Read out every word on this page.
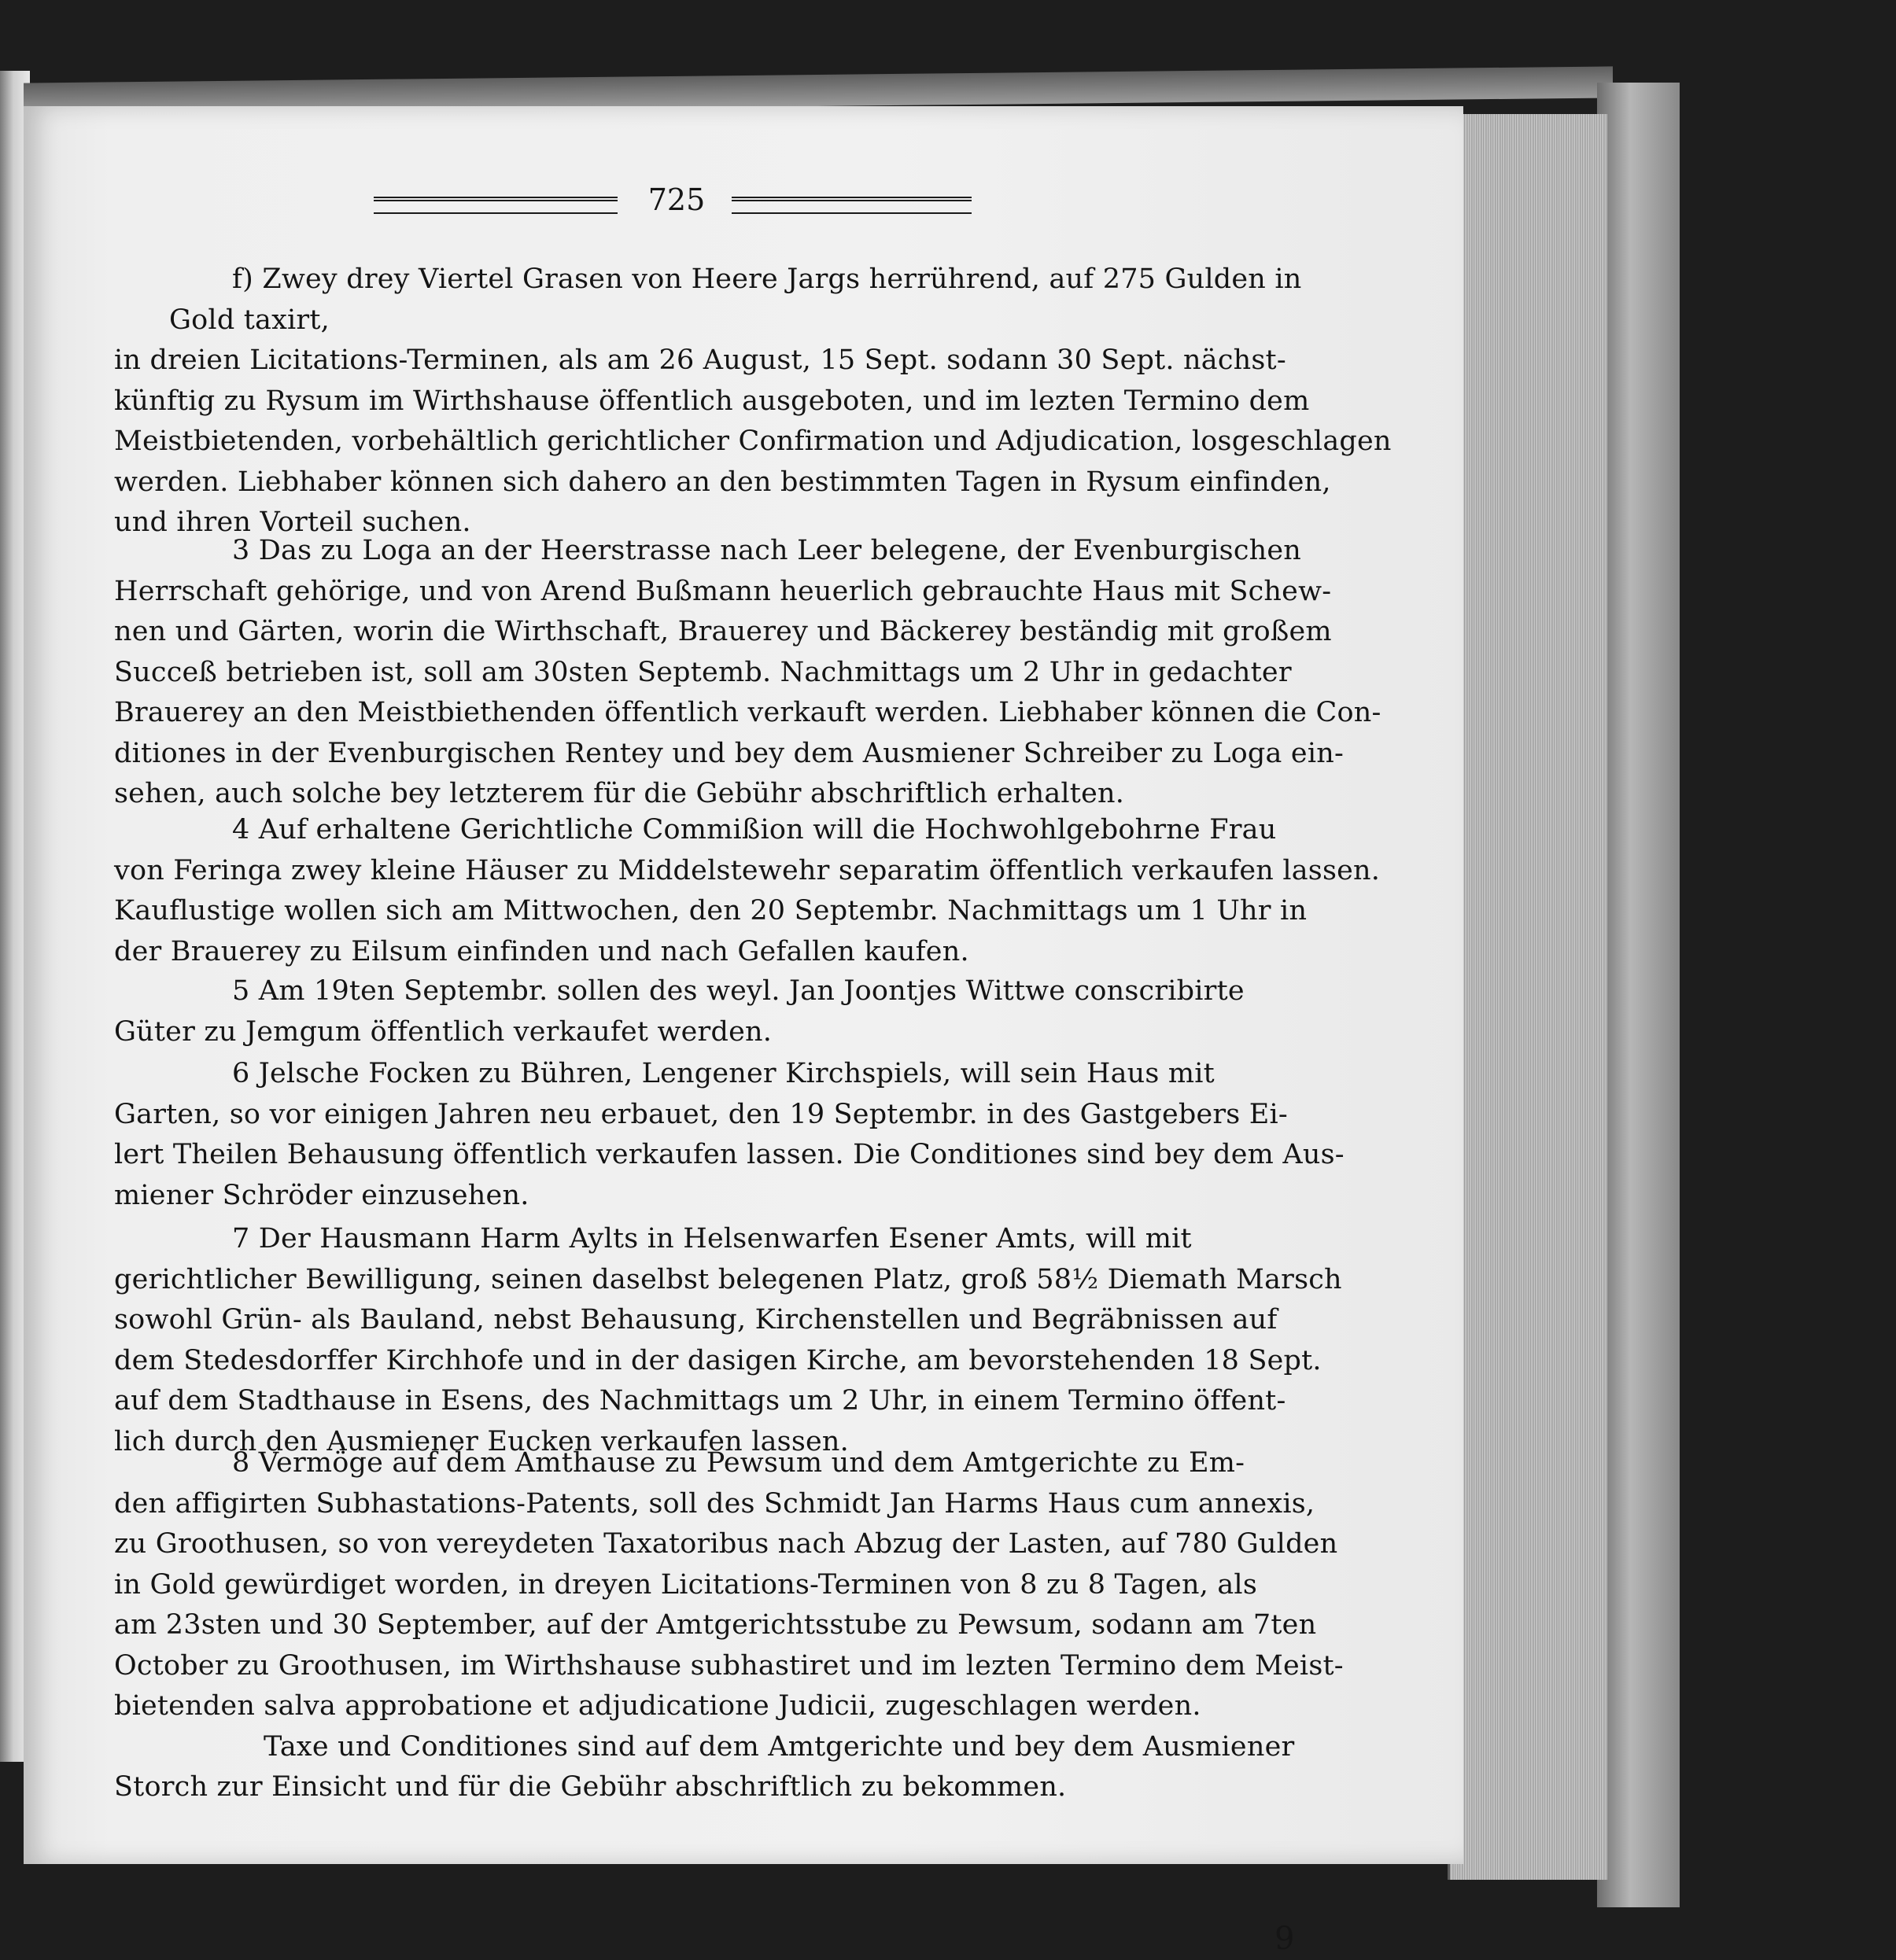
725
f) Zwey drey Viertel Grasen von Heere Jargs herrührend, auf 275 Gulden in
Gold taxirt,
in dreien Licitations-Terminen, als am 26 August, 15 Sept. sodann 30 Sept. nächst-
künftig zu Rysum im Wirthshause öffentlich ausgeboten, und im lezten Termino dem
Meistbietenden, vorbehältlich gerichtlicher Confirmation und Adjudication, losgeschlagen
werden. Liebhaber können sich dahero an den bestimmten Tagen in Rysum einfinden,
und ihren Vorteil suchen.
3 Das zu Loga an der Heerstrasse nach Leer belegene, der Evenburgischen
Herrschaft gehörige, und von Arend Bußmann heuerlich gebrauchte Haus mit Schew-
nen und Gärten, worin die Wirthschaft, Brauerey und Bäckerey beständig mit großem
Succeß betrieben ist, soll am 30sten Septemb. Nachmittags um 2 Uhr in gedachter
Brauerey an den Meistbiethenden öffentlich verkauft werden. Liebhaber können die Con-
ditiones in der Evenburgischen Rentey und bey dem Ausmiener Schreiber zu Loga ein-
sehen, auch solche bey letzterem für die Gebühr abschriftlich erhalten.
4 Auf erhaltene Gerichtliche Commißion will die Hochwohlgebohrne Frau
von Feringa zwey kleine Häuser zu Middelstewehr separatim öffentlich verkaufen lassen.
Kauflustige wollen sich am Mittwochen, den 20 Septembr. Nachmittags um 1 Uhr in
der Brauerey zu Eilsum einfinden und nach Gefallen kaufen.
5 Am 19ten Septembr. sollen des weyl. Jan Joontjes Wittwe conscribirte
Güter zu Jemgum öffentlich verkaufet werden.
6 Jelsche Focken zu Bühren, Lengener Kirchspiels, will sein Haus mit
Garten, so vor einigen Jahren neu erbauet, den 19 Septembr. in des Gastgebers Ei-
lert Theilen Behausung öffentlich verkaufen lassen. Die Conditiones sind bey dem Aus-
miener Schröder einzusehen.
7 Der Hausmann Harm Aylts in Helsenwarfen Esener Amts, will mit
gerichtlicher Bewilligung, seinen daselbst belegenen Platz, groß 58½ Diemath Marsch
sowohl Grün- als Bauland, nebst Behausung, Kirchenstellen und Begräbnissen auf
dem Stedesdorffer Kirchhofe und in der dasigen Kirche, am bevorstehenden 18 Sept.
auf dem Stadthause in Esens, des Nachmittags um 2 Uhr, in einem Termino öffent-
lich durch den Ausmiener Eucken verkaufen lassen.
8 Vermöge auf dem Amthause zu Pewsum und dem Amtgerichte zu Em-
den affigirten Subhastations-Patents, soll des Schmidt Jan Harms Haus cum annexis,
zu Groothusen, so von vereydeten Taxatoribus nach Abzug der Lasten, auf 780 Gulden
in Gold gewürdiget worden, in dreyen Licitations-Terminen von 8 zu 8 Tagen, als
am 23sten und 30 September, auf der Amtgerichtsstube zu Pewsum, sodann am 7ten
October zu Groothusen, im Wirthshause subhastiret und im lezten Termino dem Meist-
bietenden salva approbatione et adjudicatione Judicii, zugeschlagen werden.
Taxe und Conditiones sind auf dem Amtgerichte und bey dem Ausmiener
Storch zur Einsicht und für die Gebühr abschriftlich zu bekommen.
9
